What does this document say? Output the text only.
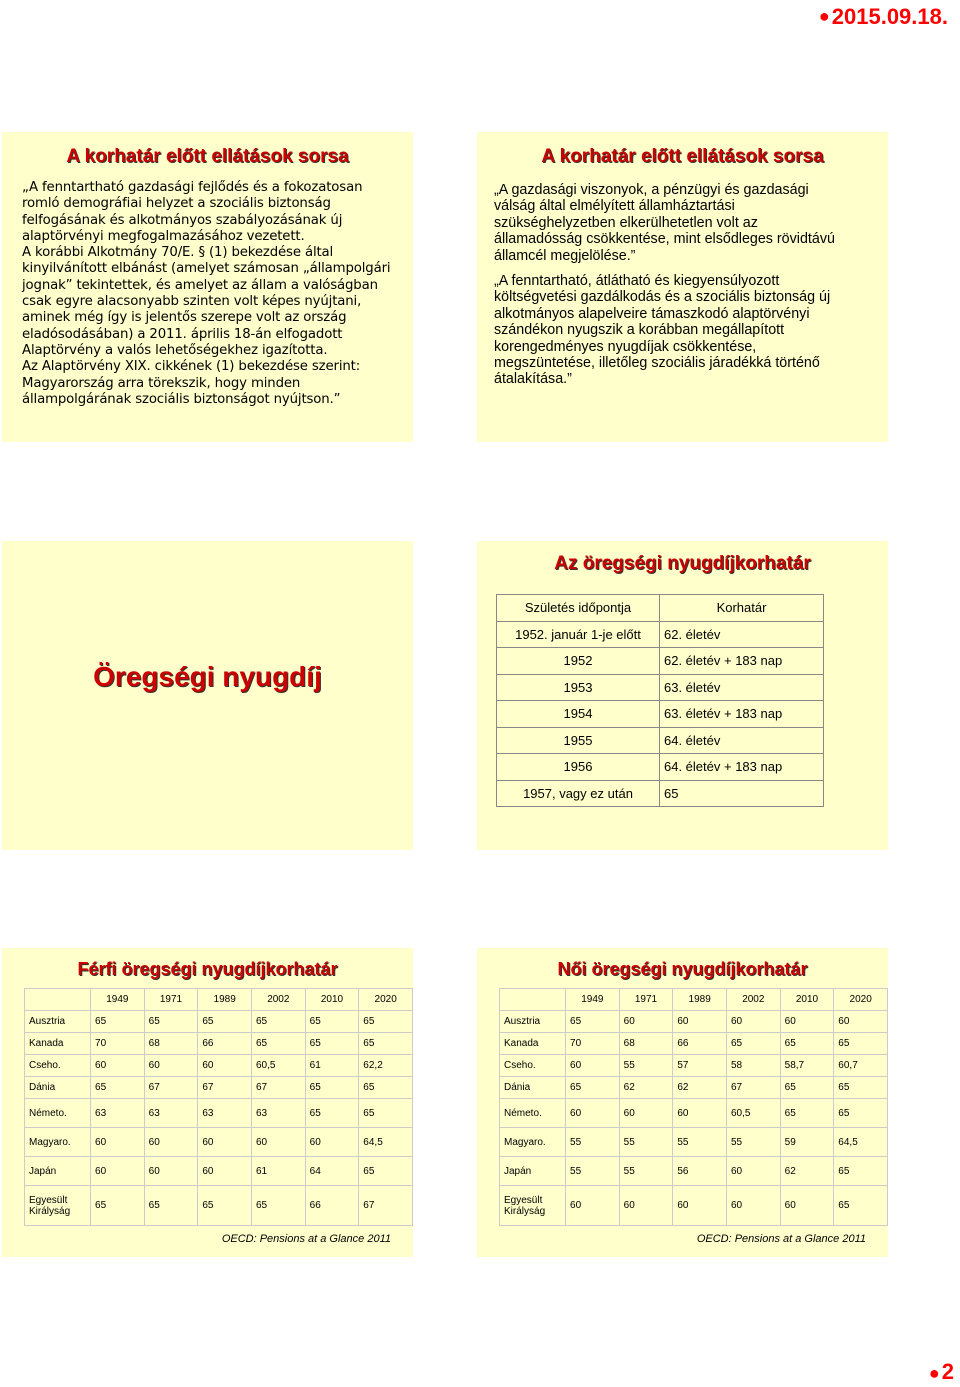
●2015.09.18.
A korhatár előtt ellátások sorsa
„A fenntartható gazdasági fejlődés és a fokozatosan
romló demográfiai helyzet a szociális biztonság
felfogásának és alkotmányos szabályozásának új
alaptörvényi megfogalmazásához vezetett.
A korábbi Alkotmány 70/E. § (1) bekezdése által
kinyilvánított elbánást (amelyet számosan „állampolgári
jognak” tekintettek, és amelyet az állam a valóságban
csak egyre alacsonyabb szinten volt képes nyújtani,
aminek még így is jelentős szerepe volt az ország
eladósodásában) a 2011. április 18-án elfogadott
Alaptörvény a valós lehetőségekhez igazította.
Az Alaptörvény XIX. cikkének (1) bekezdése szerint:
Magyarország arra törekszik, hogy minden
állampolgárának szociális biztonságot nyújtson.”
A korhatár előtt ellátások sorsa

„A gazdasági viszonyok, a pénzügyi és gazdasági
válság által elmélyített államháztartási
szükséghelyzetben elkerülhetetlen volt az
államadósság csökkentése, mint elsődleges rövidtávú
államcél megjelölése.”

„A fenntartható, átlátható és kiegyensúlyozott
költségvetési gazdálkodás és a szociális biztonság új
alkotmányos alapelveire támaszkodó alaptörvényi
szándékon nyugszik a korábban megállapított
korengedményes nyugdíjak csökkentése,
megszüntetése, illetőleg szociális járadékká történő
átalakítása.”

Öregségi nyugdíj
Az öregségi nyugdíjkorhatár
Születés időpontja	Korhatár
1952. január 1-je előtt	62. életév
1952	62. életév + 183 nap
1953	63. életév
1954	63. életév + 183 nap
1955	64. életév
1956	64. életév + 183 nap
1957, vagy ez után	65
Férfi öregségi nyugdíjkorhatár
	1949	1971	1989	2002	2010	2020

Ausztria	65	65	65	65	65	65

Kanada	70	68	66	65	65	65

Cseho.	60	60	60	60,5	61	62,2

Dánia	65	67	67	67	65	65

Németo.	63	63	63	63	65	65

Magyaro.	60	60	60	60	60	64,5

Japán	60	60	60	61	64	65

Egyesült
Királyság	65	65	65	65	66	67
OECD: Pensions at a Glance 2011
Női öregségi nyugdíjkorhatár
	1949	1971	1989	2002	2010	2020

Ausztria	65	60	60	60	60	60

Kanada	70	68	66	65	65	65

Cseho.	60	55	57	58	58,7	60,7

Dánia	65	62	62	67	65	65

Németo.	60	60	60	60,5	65	65

Magyaro.	55	55	55	55	59	64,5

Japán	55	55	56	60	62	65

Egyesült
Királyság	60	60	60	60	60	65
OECD: Pensions at a Glance 2011
●2
